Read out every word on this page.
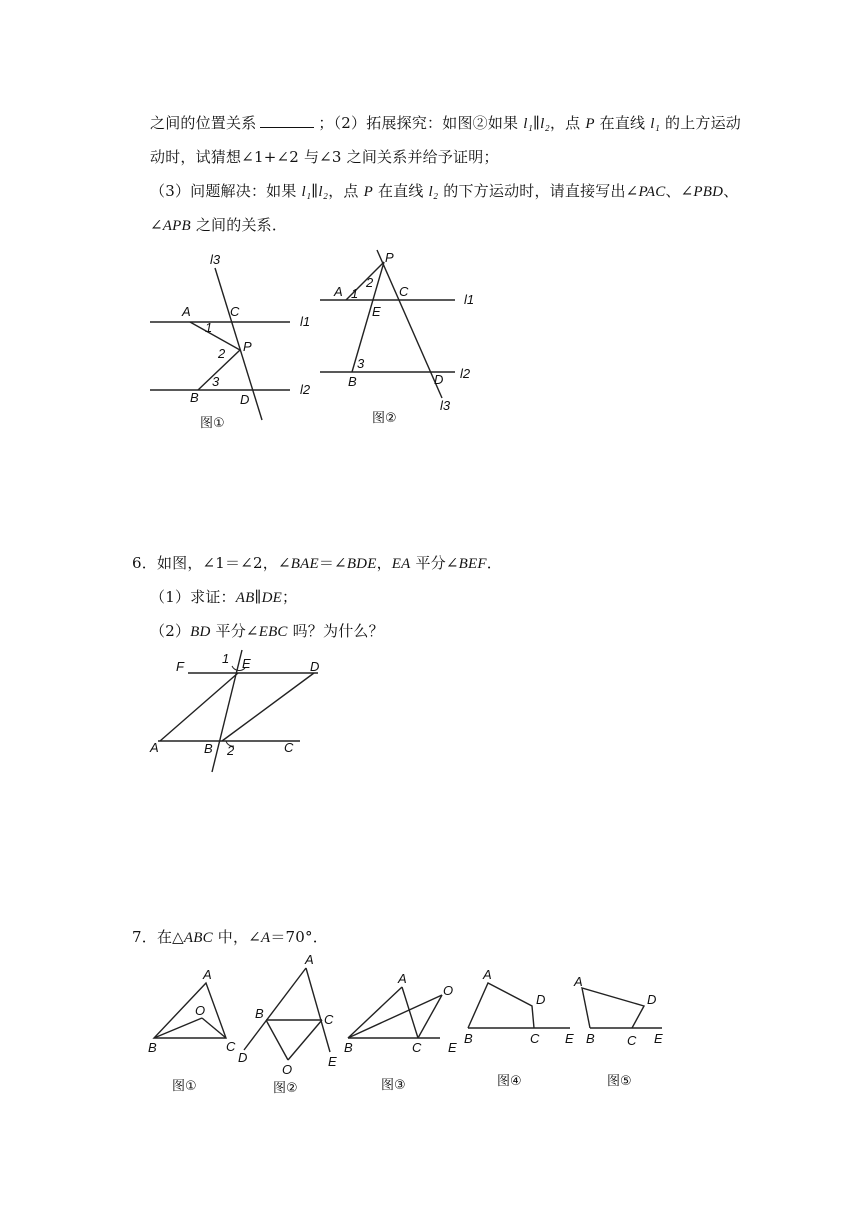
之间的位置关系	；（2）拓展探究：如图②如果 l₁∥l₂，点 P 在直线 l₁ 的上方运动
动时，试猜想∠1+∠2 与∠3 之间关系并给予证明；
（3）问题解决：如果 l₁∥l₂，点 P 在直线 l₂ 的下方运动时，请直接写出∠PAC、∠PBD、
∠APB 之间的关系．
6．如图，∠1＝∠2，∠BAE＝∠BDE，EA 平分∠BEF．
（1）求证：AB∥DE；
（2）BD 平分∠EBC 吗？为什么？
7．在△ABC 中，∠A＝70°．
l3
l1
l2
A	C
1
2 P
3
B	D
图①
P
A 1
2
C
E
l1
3
l2
B	D
l3
图②
F
1 E	D
A	B 2	C
A
O
B	C
图①
A
B	C
D
O
E
图②
A
O
B	C E
图③
A
D
B	C E
图④
A
D
B C E
图⑤
